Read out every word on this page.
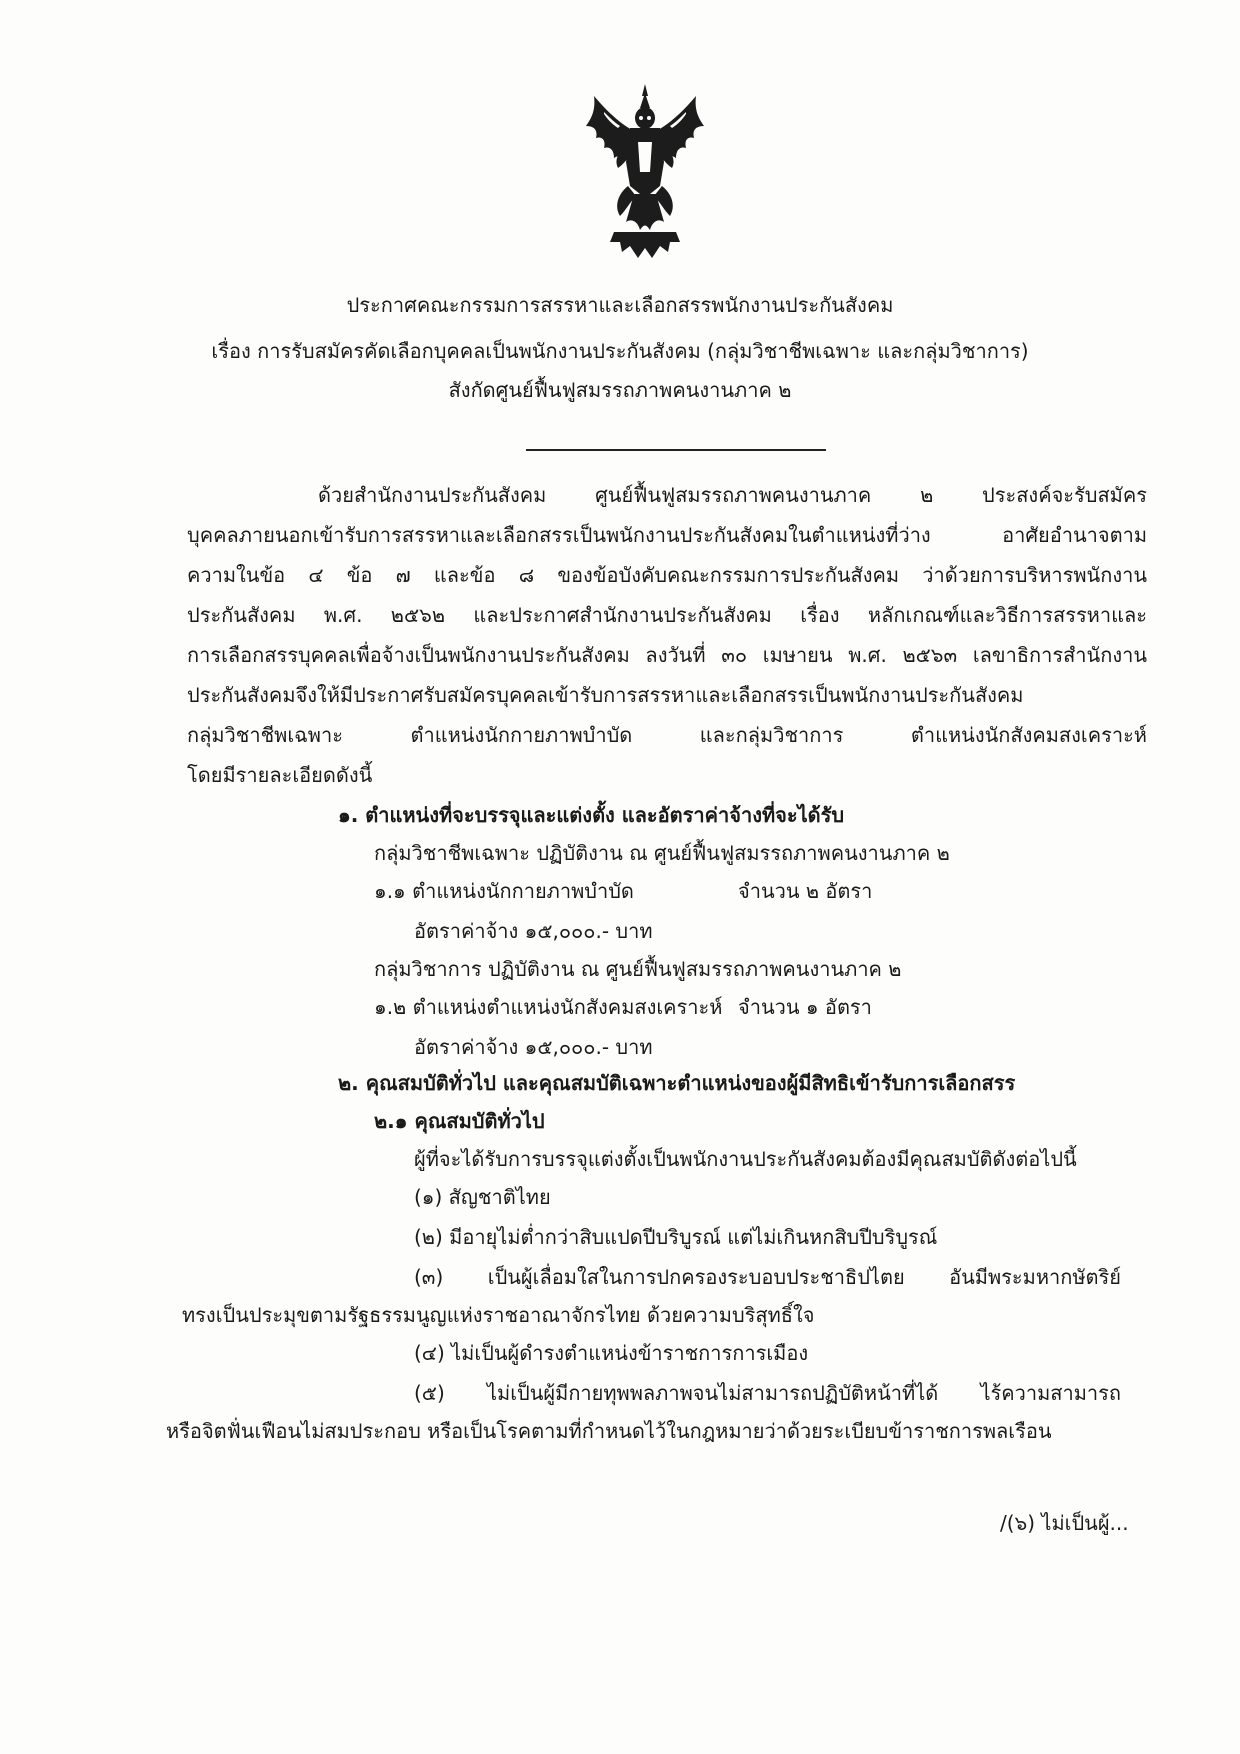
ประกาศคณะกรรมการสรรหาและเลือกสรรพนักงานประกันสังคม
เรื่อง การรับสมัครคัดเลือกบุคคลเป็นพนักงานประกันสังคม (กลุ่มวิชาชีพเฉพาะ และกลุ่มวิชาการ)
สังกัดศูนย์ฟื้นฟูสมรรถภาพคนงานภาค ๒
ด้วยสำนักงานประกันสังคม ศูนย์ฟื้นฟูสมรรถภาพคนงานภาค ๒ ประสงค์จะรับสมัคร
บุคคลภายนอกเข้ารับการสรรหาและเลือกสรรเป็นพนักงานประกันสังคมในตำแหน่งที่ว่าง อาศัยอำนาจตาม
ความในข้อ ๔ ข้อ ๗ และข้อ ๘ ของข้อบังคับคณะกรรมการประกันสังคม ว่าด้วยการบริหารพนักงาน
ประกันสังคม พ.ศ. ๒๕๖๒ และประกาศสำนักงานประกันสังคม เรื่อง หลักเกณฑ์และวิธีการสรรหาและ
การเลือกสรรบุคคลเพื่อจ้างเป็นพนักงานประกันสังคม ลงวันที่ ๓๐ เมษายน พ.ศ. ๒๕๖๓ เลขาธิการสำนักงาน
ประกันสังคมจึงให้มีประกาศรับสมัครบุคคลเข้ารับการสรรหาและเลือกสรรเป็นพนักงานประกันสังคม
กลุ่มวิชาชีพเฉพาะ ตำแหน่งนักกายภาพบำบัด และกลุ่มวิชาการ ตำแหน่งนักสังคมสงเคราะห์
โดยมีรายละเอียดดังนี้
๑. ตำแหน่งที่จะบรรจุและแต่งตั้ง และอัตราค่าจ้างที่จะได้รับ
กลุ่มวิชาชีพเฉพาะ ปฏิบัติงาน ณ ศูนย์ฟื้นฟูสมรรถภาพคนงานภาค ๒
๑.๑ ตำแหน่งนักกายภาพบำบัด	จำนวน ๒ อัตรา
อัตราค่าจ้าง ๑๕,๐๐๐.- บาท
กลุ่มวิชาการ ปฏิบัติงาน ณ ศูนย์ฟื้นฟูสมรรถภาพคนงานภาค ๒
๑.๒ ตำแหน่งตำแหน่งนักสังคมสงเคราะห์ จำนวน ๑ อัตรา
อัตราค่าจ้าง ๑๕,๐๐๐.- บาท
๒. คุณสมบัติทั่วไป และคุณสมบัติเฉพาะตำแหน่งของผู้มีสิทธิเข้ารับการเลือกสรร
๒.๑ คุณสมบัติทั่วไป
ผู้ที่จะได้รับการบรรจุแต่งตั้งเป็นพนักงานประกันสังคมต้องมีคุณสมบัติดังต่อไปนี้
(๑) สัญชาติไทย
(๒) มีอายุไม่ต่ำกว่าสิบแปดปีบริบูรณ์ แต่ไม่เกินหกสิบปีบริบูรณ์
(๓) เป็นผู้เลื่อมใสในการปกครองระบอบประชาธิปไตย อันมีพระมหากษัตริย์
ทรงเป็นประมุขตามรัฐธรรมนูญแห่งราชอาณาจักรไทย ด้วยความบริสุทธิ์ใจ
(๔) ไม่เป็นผู้ดำรงตำแหน่งข้าราชการการเมือง
(๕) ไม่เป็นผู้มีกายทุพพลภาพจนไม่สามารถปฏิบัติหน้าที่ได้ ไร้ความสามารถ
หรือจิตฟั่นเฟือนไม่สมประกอบ หรือเป็นโรคตามที่กำหนดไว้ในกฎหมายว่าด้วยระเบียบข้าราชการพลเรือน
/(๖) ไม่เป็นผู้...
